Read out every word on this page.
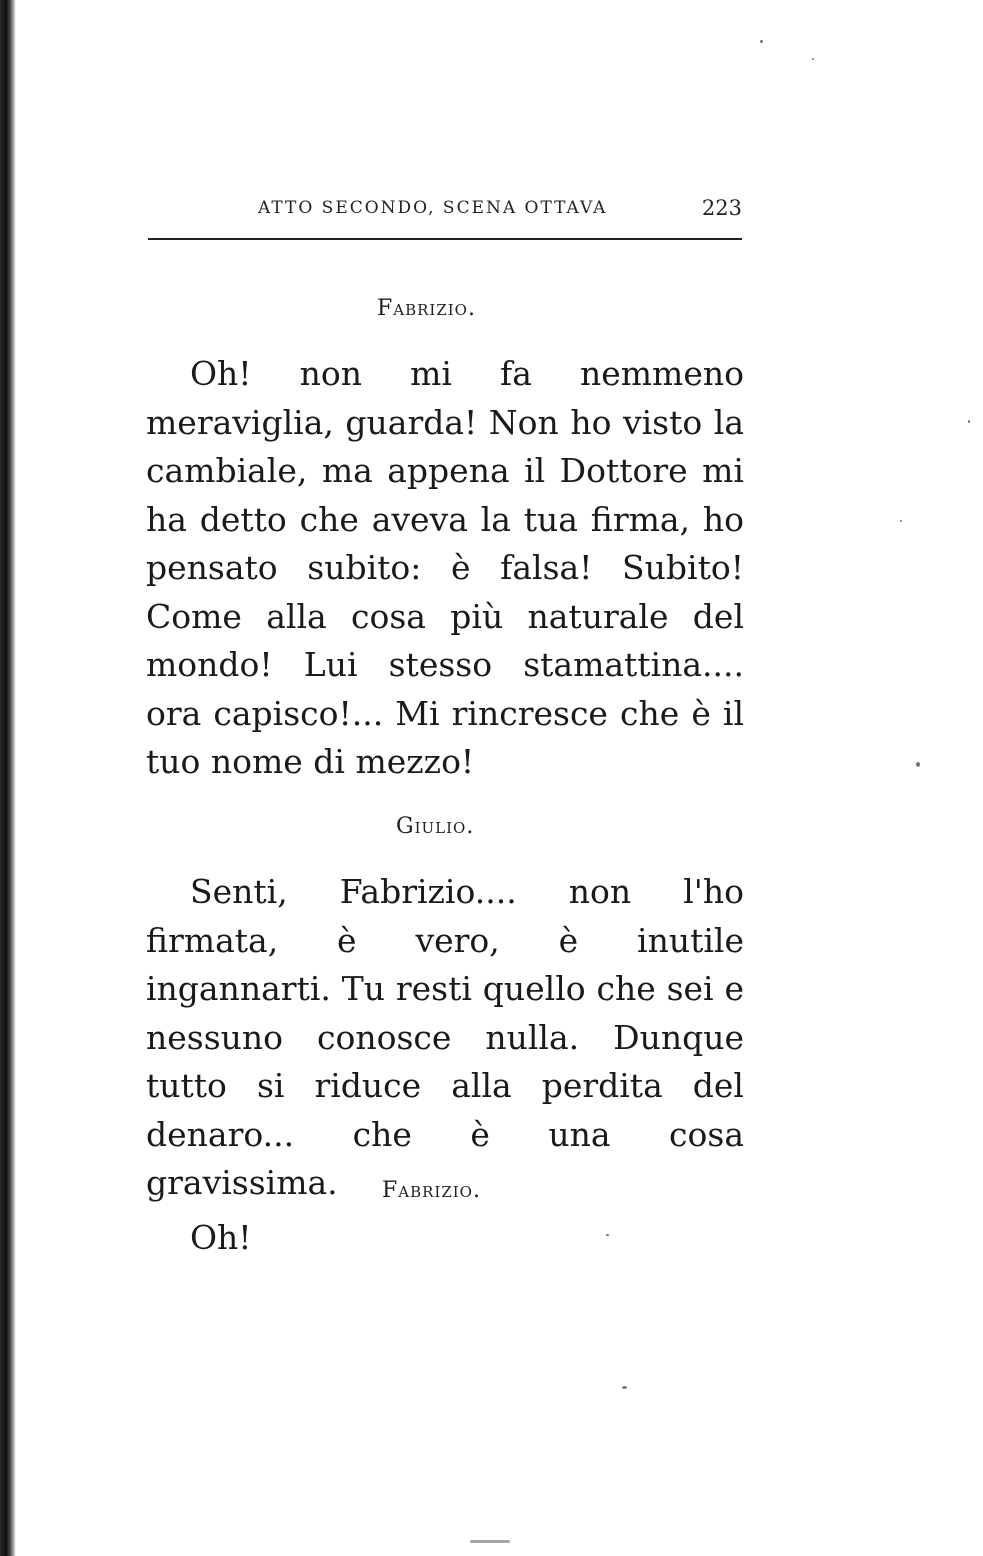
ATTO SECONDO, SCENA OTTAVA	223
Fabrizio.

Oh! non mi fa nemmeno meraviglia, guarda! Non ho visto la cambiale, ma appena il Dottore mi ha detto che aveva la tua firma, ho pensato subito: è falsa! Subito! Come alla cosa più naturale del mondo! Lui stesso stamattina.... ora capisco!... Mi rincresce che è il tuo nome di mezzo!

Giulio.

Senti, Fabrizio.... non l'ho firmata, è vero, è inutile ingannarti. Tu resti quello che sei e nessuno conosce nulla. Dunque tutto si riduce alla perdita del denaro... che è una cosa gravissima.	Fabrizio.

Oh!
